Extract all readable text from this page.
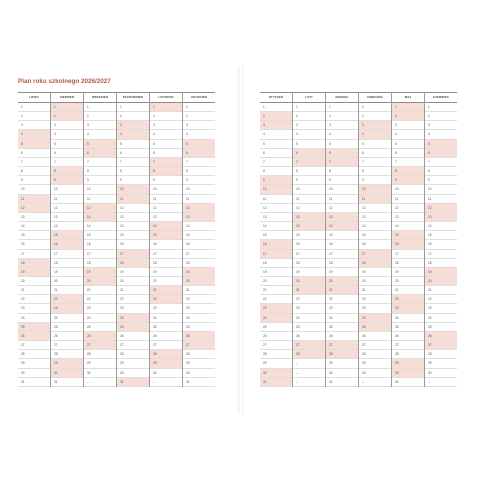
Plan roku szkolnego 2026/2027
LIPIEC
1
2
3
4
5
6
7
8
9
10
11
12
13
14
15
16
17
18
19
20
21
22
23
24
25
26
27
28
29
30
31
SIERPIEŃ
1
2
3
4
5
6
7
8
9
10
11
12
13
14
15
16
17
18
19
20
21
22
23
24
25
26
27
28
29
30
31
WRZESIEŃ
1
2
3
4
5
6
7
8
9
10
11
12
13
14
15
16
17
18
19
20
21
22
23
24
25
26
27
28
29
30
–
PAŹDZIERNIK
1
2
3
4
5
6
7
8
9
10
11
12
13
14
15
16
17
18
19
20
21
22
23
24
25
26
27
28
29
30
31
LISTOPAD
1
2
3
4
5
6
7
8
9
10
11
12
13
14
15
16
17
18
19
20
21
22
23
24
25
26
27
28
29
30
–
GRUDZIEŃ
1
2
3
4
5
6
7
8
9
10
11
12
13
14
15
16
17
18
19
20
21
22
23
24
25
26
27
28
29
30
31
STYCZEŃ
1
2
3
4
5
6
7
8
9
10
11
12
13
14
15
16
17
18
19
20
21
22
23
24
25
26
27
28
29
30
31
LUTY
1
2
3
4
5
6
7
8
9
10
11
12
13
14
15
16
17
18
19
20
21
22
23
24
25
26
27
28
–
–
–
MARZEC
1
2
3
4
5
6
7
8
9
10
11
12
13
14
15
16
17
18
19
20
21
22
23
24
25
26
27
28
29
30
31
KWIECIEŃ
1
2
3
4
5
6
7
8
9
10
11
12
13
14
15
16
17
18
19
20
21
22
23
24
25
26
27
28
29
30
–
MAJ
1
2
3
4
5
6
7
8
9
10
11
12
13
14
15
16
17
18
19
20
21
22
23
24
25
26
27
28
29
30
31
CZERWIEC
1
2
3
4
5
6
7
8
9
10
11
12
13
14
15
16
17
18
19
20
21
22
23
24
25
26
27
28
29
30
–
